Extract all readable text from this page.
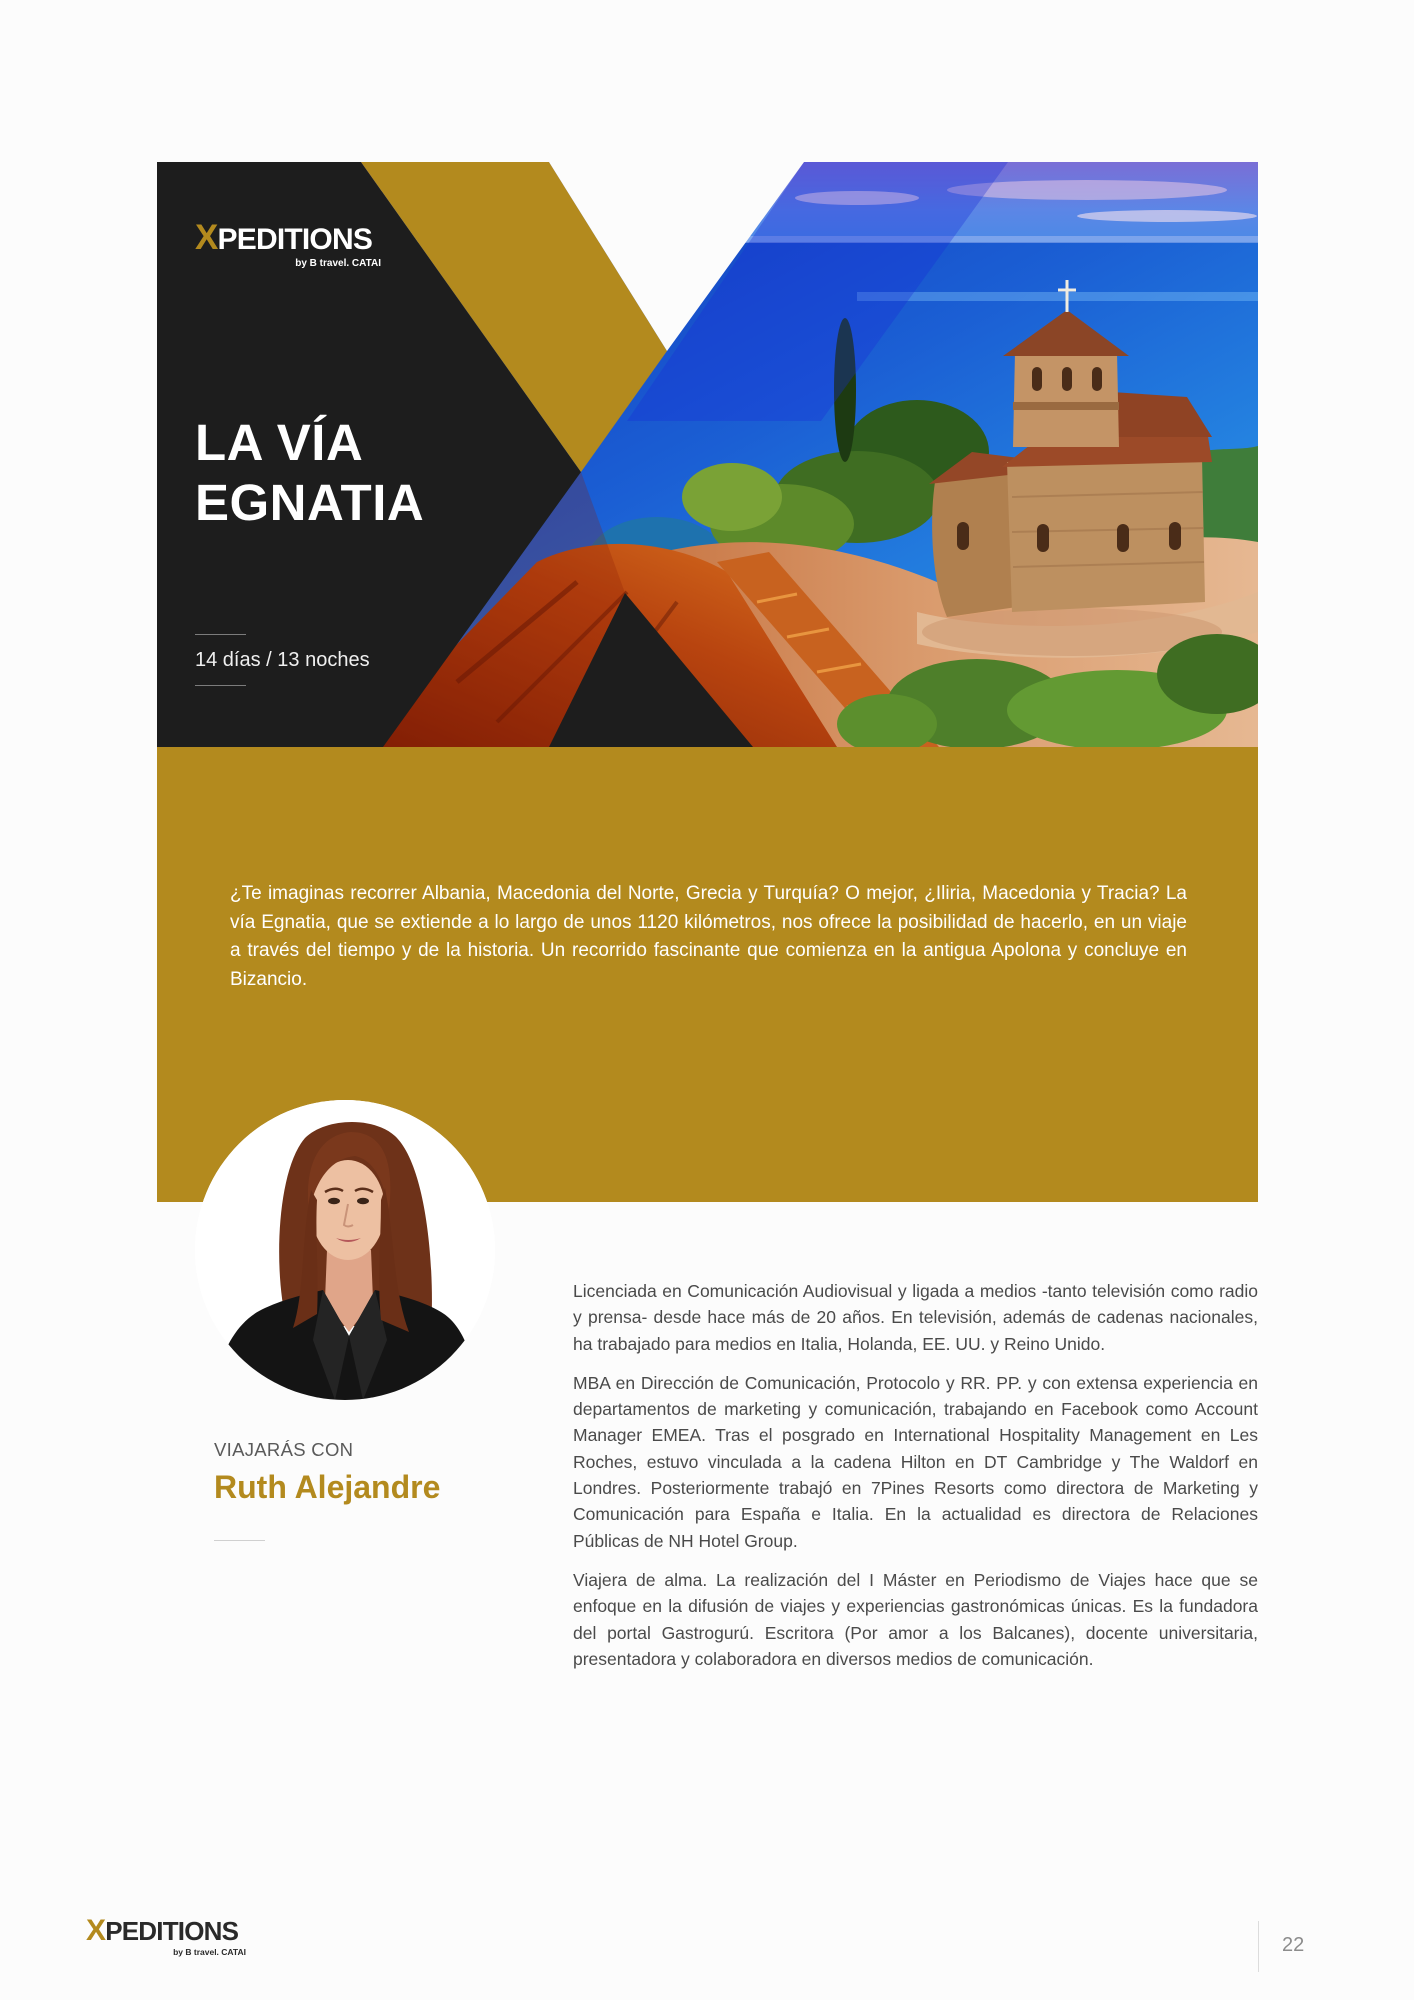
XPEDITIONS
by B travel. CATAI
LA VÍA
EGNATIA
14 días / 13 noches
¿Te imaginas recorrer Albania, Macedonia del Norte, Grecia y Turquía? O mejor, ¿Iliria, Macedonia y Tracia? La vía Egnatia, que se extiende a lo largo de unos 1120 kilómetros, nos ofrece la posibilidad de hacerlo, en un viaje a través del tiempo y de la historia. Un recorrido fascinante que comienza en la antigua Apolona y concluye en Bizancio.
VIAJARÁS CON
Ruth Alejandre

Licenciada en Comunicación Audiovisual y ligada a medios -tanto televisión como radio y prensa- desde hace más de 20 años. En televisión, además de cadenas nacionales, ha trabajado para medios en Italia, Holanda, EE. UU. y Reino Unido.

MBA en Dirección de Comunicación, Protocolo y RR. PP. y con extensa experiencia en departamentos de marketing y comunicación, trabajando en Facebook como Account Manager EMEA. Tras el posgrado en International Hospitality Management en Les Roches, estuvo vinculada a la cadena Hilton en DT Cambridge y The Waldorf en Londres. Posteriormente trabajó en 7Pines Resorts como directora de Marketing y Comunicación para España e Italia. En la actualidad es directora de Relaciones Públicas de NH Hotel Group.

Viajera de alma. La realización del I Máster en Periodismo de Viajes hace que se enfoque en la difusión de viajes y experiencias gastronómicas únicas. Es la fundadora del portal Gastrogurú. Escritora (Por amor a los Balcanes), docente universitaria, presentadora y colaboradora en diversos medios de comunicación.

XPEDITIONS
by B travel. CATAI	22
